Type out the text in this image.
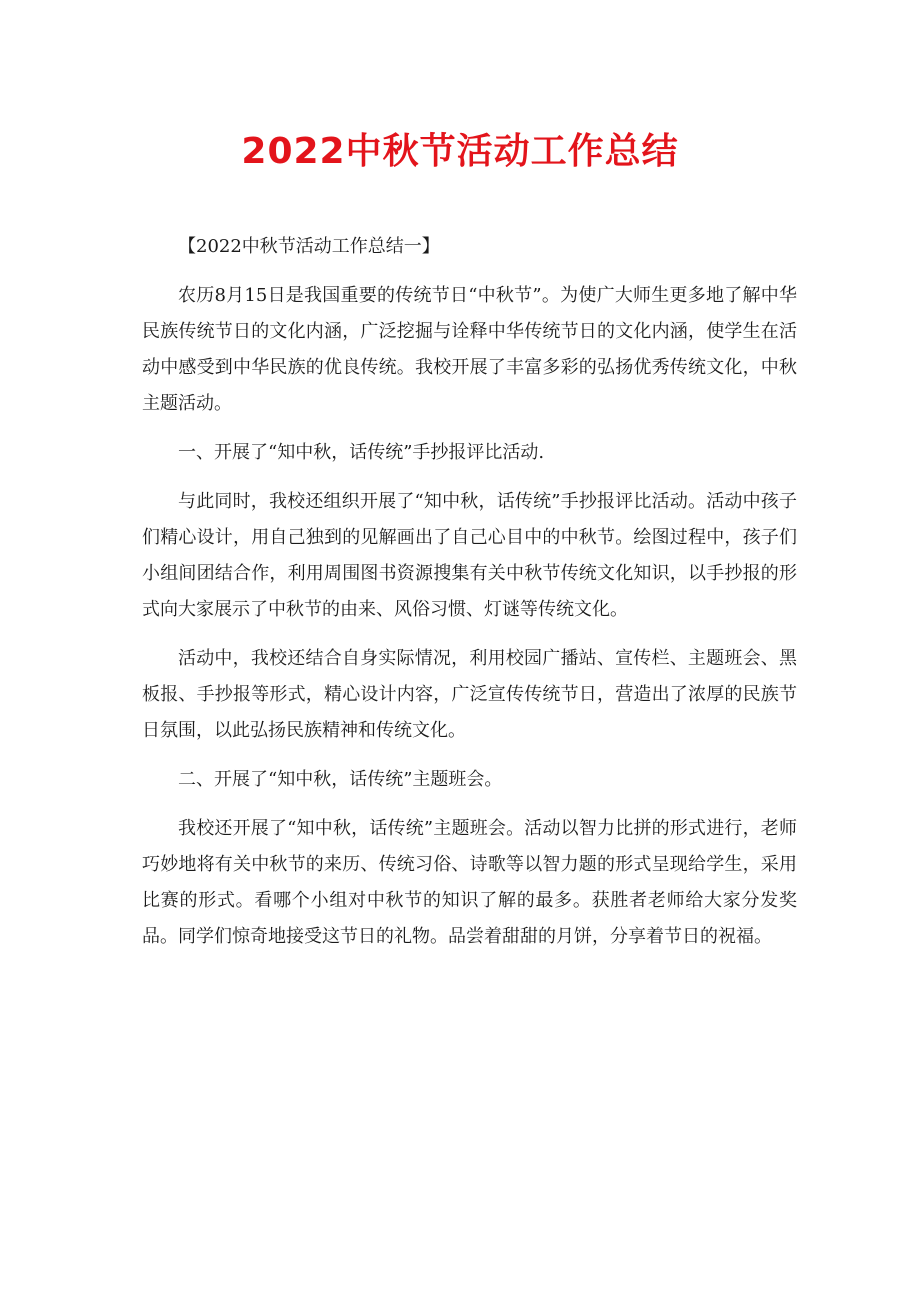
2022中秋节活动工作总结

【2022中秋节活动工作总结一】

农历8月15日是我国重要的传统节日“中秋节”。为使广大师生更多地了解中华民族传统节日的文化内涵，广泛挖掘与诠释中华传统节日的文化内涵，使学生在活动中感受到中华民族的优良传统。我校开展了丰富多彩的弘扬优秀传统文化，中秋主题活动。

一、开展了“知中秋，话传统”手抄报评比活动.

与此同时，我校还组织开展了“知中秋，话传统”手抄报评比活动。活动中孩子们精心设计，用自己独到的见解画出了自己心目中的中秋节。绘图过程中，孩子们小组间团结合作，利用周围图书资源搜集有关中秋节传统文化知识，以手抄报的形式向大家展示了中秋节的由来、风俗习惯、灯谜等传统文化。

活动中，我校还结合自身实际情况，利用校园广播站、宣传栏、主题班会、黑板报、手抄报等形式，精心设计内容，广泛宣传传统节日，营造出了浓厚的民族节日氛围，以此弘扬民族精神和传统文化。

二、开展了“知中秋，话传统”主题班会。

我校还开展了“知中秋，话传统”主题班会。活动以智力比拼的形式进行，老师巧妙地将有关中秋节的来历、传统习俗、诗歌等以智力题的形式呈现给学生，采用比赛的形式。看哪个小组对中秋节的知识了解的最多。获胜者老师给大家分发奖品。同学们惊奇地接受这节日的礼物。品尝着甜甜的月饼，分享着节日的祝福。
